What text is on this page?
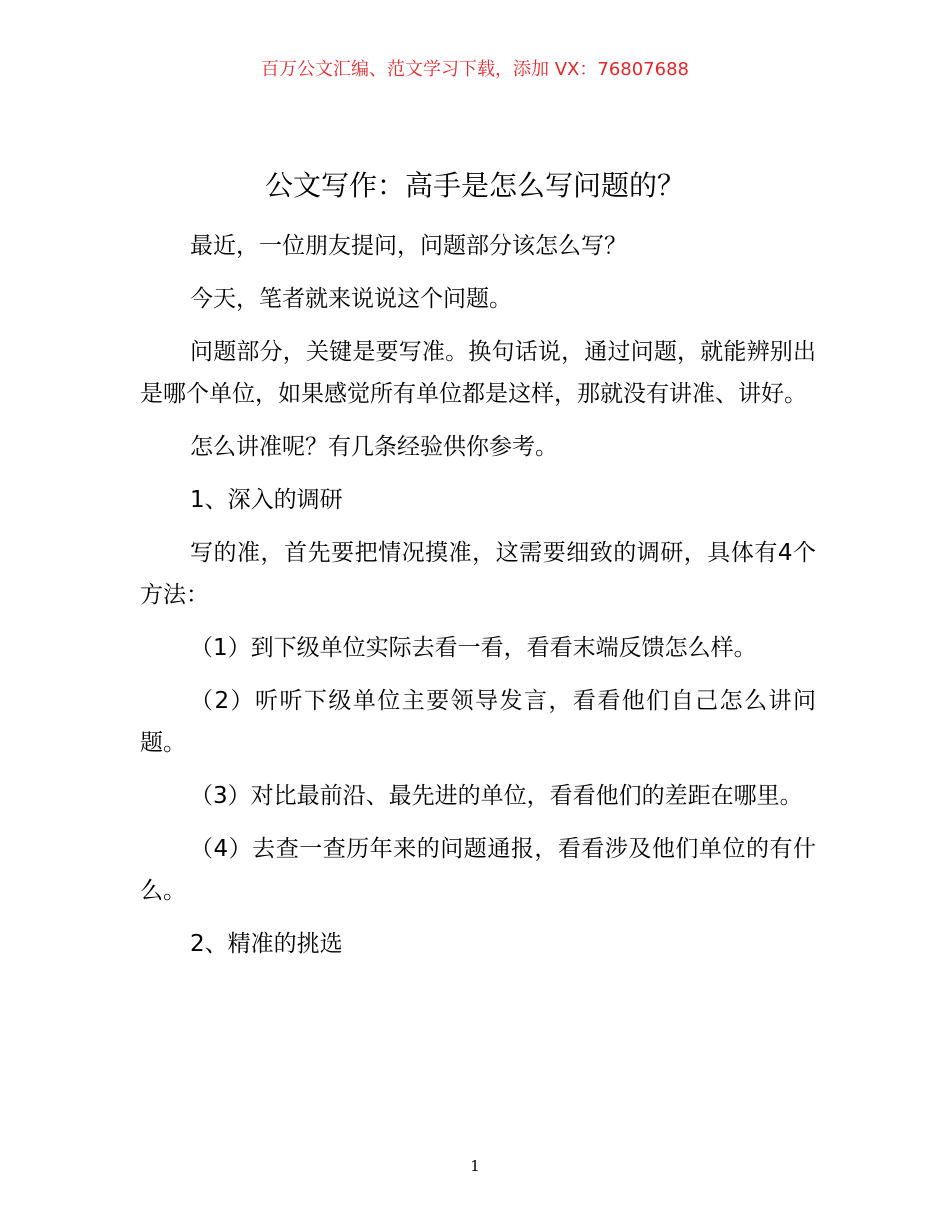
百万公文汇编、范文学习下载，添加 VX：76807688
公文写作：高手是怎么写问题的？

最近，一位朋友提问，问题部分该怎么写？

今天，笔者就来说说这个问题。

问题部分，关键是要写准。换句话说，通过问题，就能辨别出是哪个单位，如果感觉所有单位都是这样，那就没有讲准、讲好。

怎么讲准呢？有几条经验供你参考。

1、深入的调研

写的准，首先要把情况摸准，这需要细致的调研，具体有4个方法：

（1）到下级单位实际去看一看，看看末端反馈怎么样。

（2）听听下级单位主要领导发言，看看他们自己怎么讲问题。

（3）对比最前沿、最先进的单位，看看他们的差距在哪里。

（4）去查一查历年来的问题通报，看看涉及他们单位的有什么。

2、精准的挑选

1
